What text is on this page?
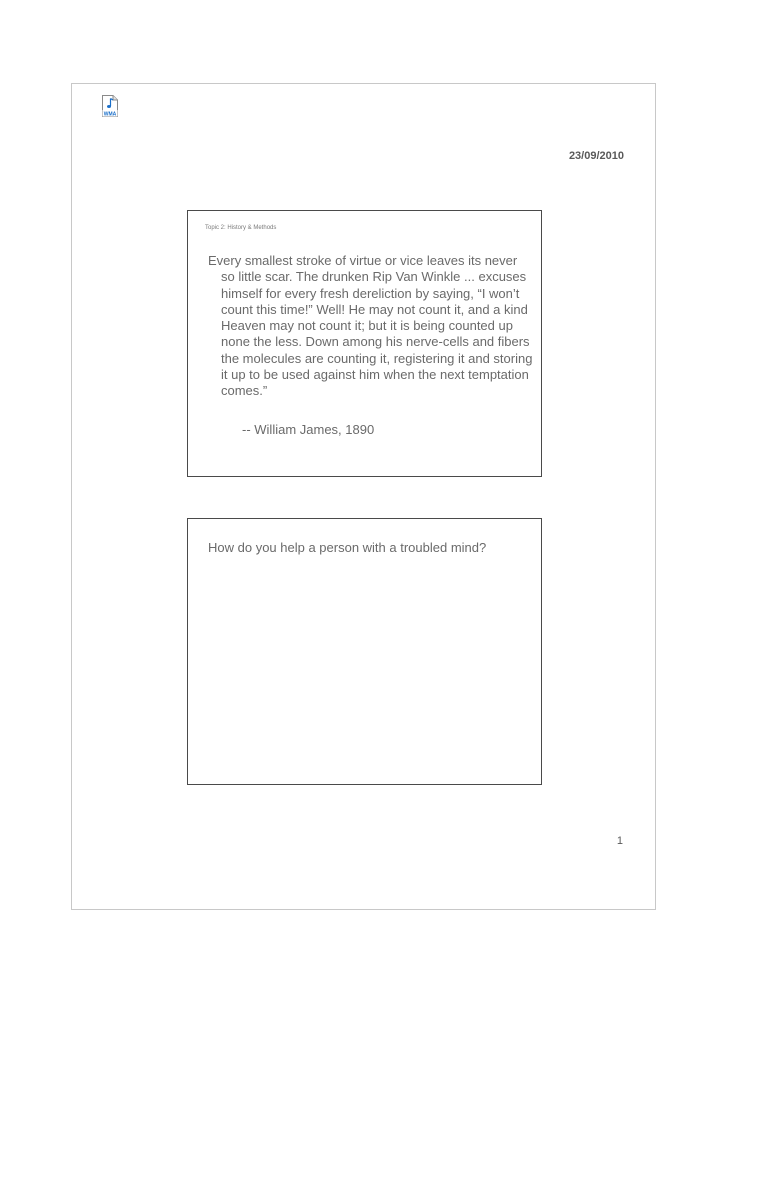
WMA
23/09/2010
Topic 2: History & Methods

Every smallest stroke of virtue or vice leaves its never so little scar. The drunken Rip Van Winkle ... excuses himself for every fresh dereliction by saying, “I won’t count this time!” Well! He may not count it, and a kind Heaven may not count it; but it is being counted up none the less. Down among his nerve-cells and fibers the molecules are counting it, registering it and storing it up to be used against him when the next temptation comes.”

-- William James, 1890
How do you help a person with a troubled mind?
1
